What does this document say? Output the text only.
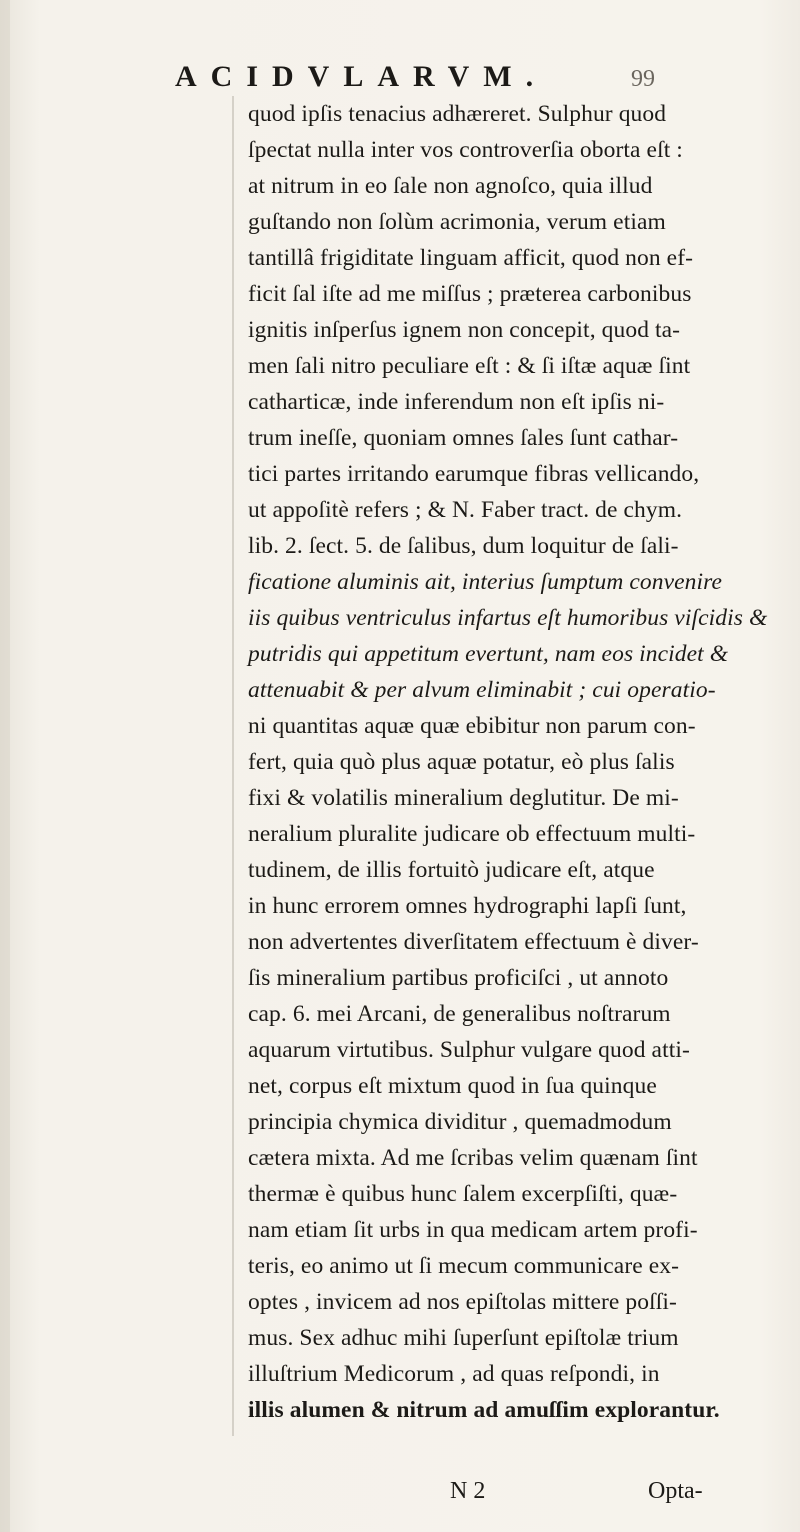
ACIDVLARVM.	99
quod ipſis tenacius adhæreret. Sulphur quod
ſpectat nulla inter vos controverſia oborta eſt :
at nitrum in eo ſale non agnoſco, quia illud
guſtando non ſolùm acrimonia, verum etiam
tantillâ frigiditate linguam afficit, quod non ef-
ficit ſal iſte ad me miſſus ; præterea carbonibus
ignitis inſperſus ignem non concepit, quod ta-
men ſali nitro peculiare eſt : & ſi iſtæ aquæ ſint
catharticæ, inde inferendum non eſt ipſis ni-
trum ineſſe, quoniam omnes ſales ſunt cathar-
tici partes irritando earumque fibras vellicando,
ut appoſitè refers ; & N. Faber tract. de chym.
lib. 2. ſect. 5. de ſalibus, dum loquitur de ſali-
ficatione aluminis ait, interius ſumptum convenire
iis quibus ventriculus infartus eſt humoribus viſcidis &
putridis qui appetitum evertunt, nam eos incidet &
attenuabit & per alvum eliminabit ; cui operatio-
ni quantitas aquæ quæ ebibitur non parum con-
fert, quia quò plus aquæ potatur, eò plus ſalis
fixi & volatilis mineralium deglutitur. De mi-
neralium pluralite judicare ob effectuum multi-
tudinem, de illis fortuitò judicare eſt, atque
in hunc errorem omnes hydrographi lapſi ſunt,
non advertentes diverſitatem effectuum è diver-
ſis mineralium partibus proficiſci , ut annoto
cap. 6. mei Arcani, de generalibus noſtrarum
aquarum virtutibus. Sulphur vulgare quod atti-
net, corpus eſt mixtum quod in ſua quinque
principia chymica dividitur , quemadmodum
cætera mixta. Ad me ſcribas velim quænam ſint
thermæ è quibus hunc ſalem excerpſiſti, quæ-
nam etiam ſit urbs in qua medicam artem profi-
teris, eo animo ut ſi mecum communicare ex-
optes , invicem ad nos epiſtolas mittere poſſi-
mus. Sex adhuc mihi ſuperſunt epiſtolæ trium
illuſtrium Medicorum , ad quas reſpondi, in
illis alumen & nitrum ad amuſſim explorantur.
N 2	Opta-
